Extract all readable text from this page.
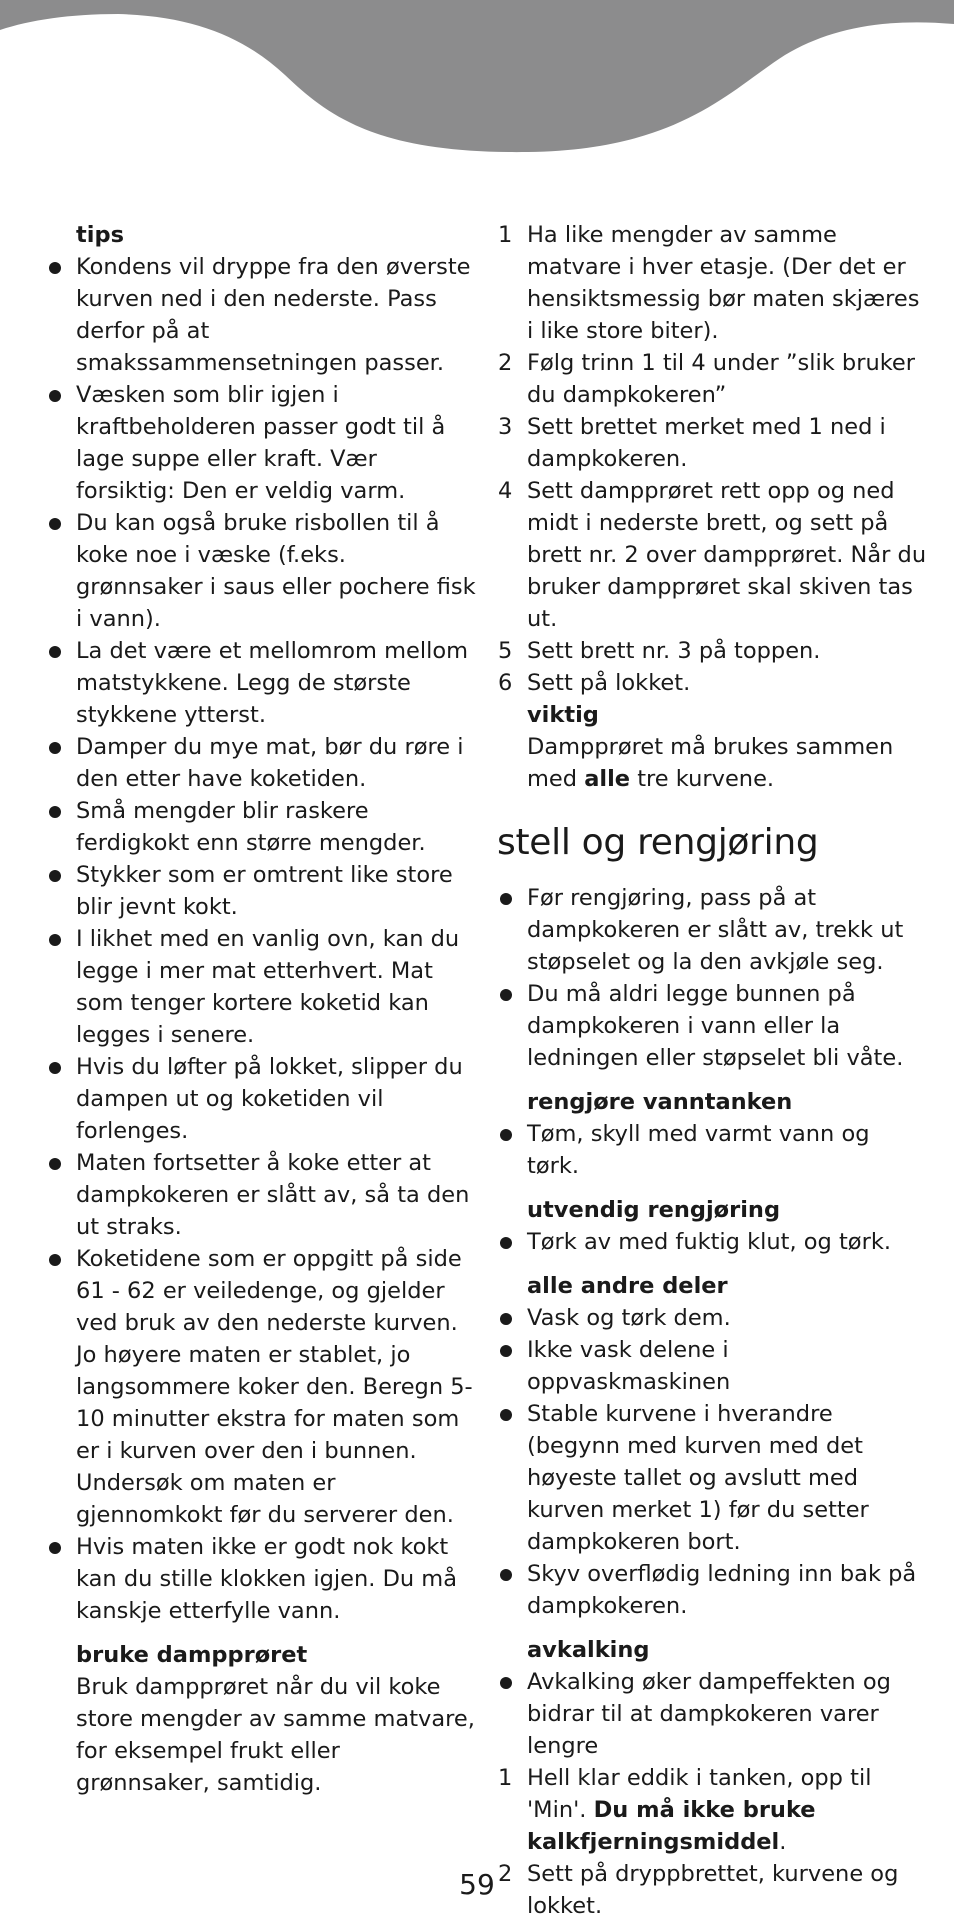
tips
Kondens vil dryppe fra den øverste kurven ned i den nederste. Pass derfor på at smakssammensetningen passer.
Væsken som blir igjen i kraftbeholderen passer godt til å lage suppe eller kraft. Vær forsiktig: Den er veldig varm.
Du kan også bruke risbollen til å koke noe i væske (f.eks. grønnsaker i saus eller pochere fisk i vann).
La det være et mellomrom mellom matstykkene. Legg de største stykkene ytterst.
Damper du mye mat, bør du røre i den etter have koketiden.
Små mengder blir raskere ferdigkokt enn større mengder.
Stykker som er omtrent like store blir jevnt kokt.
I likhet med en vanlig ovn, kan du legge i mer mat etterhvert. Mat som tenger kortere koketid kan legges i senere.
Hvis du løfter på lokket, slipper du dampen ut og koketiden vil forlenges.
Maten fortsetter å koke etter at dampkokeren er slått av, så ta den ut straks.
Koketidene som er oppgitt på side 61 - 62 er veiledenge, og gjelder ved bruk av den nederste kurven. Jo høyere maten er stablet, jo langsommere koker den. Beregn 5-10 minutter ekstra for maten som er i kurven over den i bunnen. Undersøk om maten er gjennomkokt før du serverer den.
Hvis maten ikke er godt nok kokt kan du stille klokken igjen. Du må kanskje etterfylle vann.
bruke dampprøret
Bruk dampprøret når du vil koke store mengder av samme matvare, for eksempel frukt eller grønnsaker, samtidig.
1 Ha like mengder av samme matvare i hver etasje. (Der det er hensiktsmessig bør maten skjæres i like store biter).
2 Følg trinn 1 til 4 under ”slik bruker du dampkokeren”
3 Sett brettet merket med 1 ned i dampkokeren.
4 Sett dampprøret rett opp og ned midt i nederste brett, og sett på brett nr. 2 over dampprøret. Når du bruker dampprøret skal skiven tas ut.
5 Sett brett nr. 3 på toppen.
6 Sett på lokket.
viktig
Dampprøret må brukes sammen med alle tre kurvene.
stell og rengjøring
Før rengjøring, pass på at dampkokeren er slått av, trekk ut støpselet og la den avkjøle seg.
Du må aldri legge bunnen på dampkokeren i vann eller la ledningen eller støpselet bli våte.
rengjøre vanntanken
Tøm, skyll med varmt vann og tørk.
utvendig rengjøring
Tørk av med fuktig klut, og tørk.
alle andre deler
Vask og tørk dem.
Ikke vask delene i oppvaskmaskinen
Stable kurvene i hverandre (begynn med kurven med det høyeste tallet og avslutt med kurven merket 1) før du setter dampkokeren bort.
Skyv overflødig ledning inn bak på dampkokeren.
avkalking
Avkalking øker dampeffekten og bidrar til at dampkokeren varer lengre
1 Hell klar eddik i tanken, opp til 'Min'. Du må ikke bruke kalkfjerningsmiddel.
2 Sett på dryppbrettet, kurvene og lokket.
59
